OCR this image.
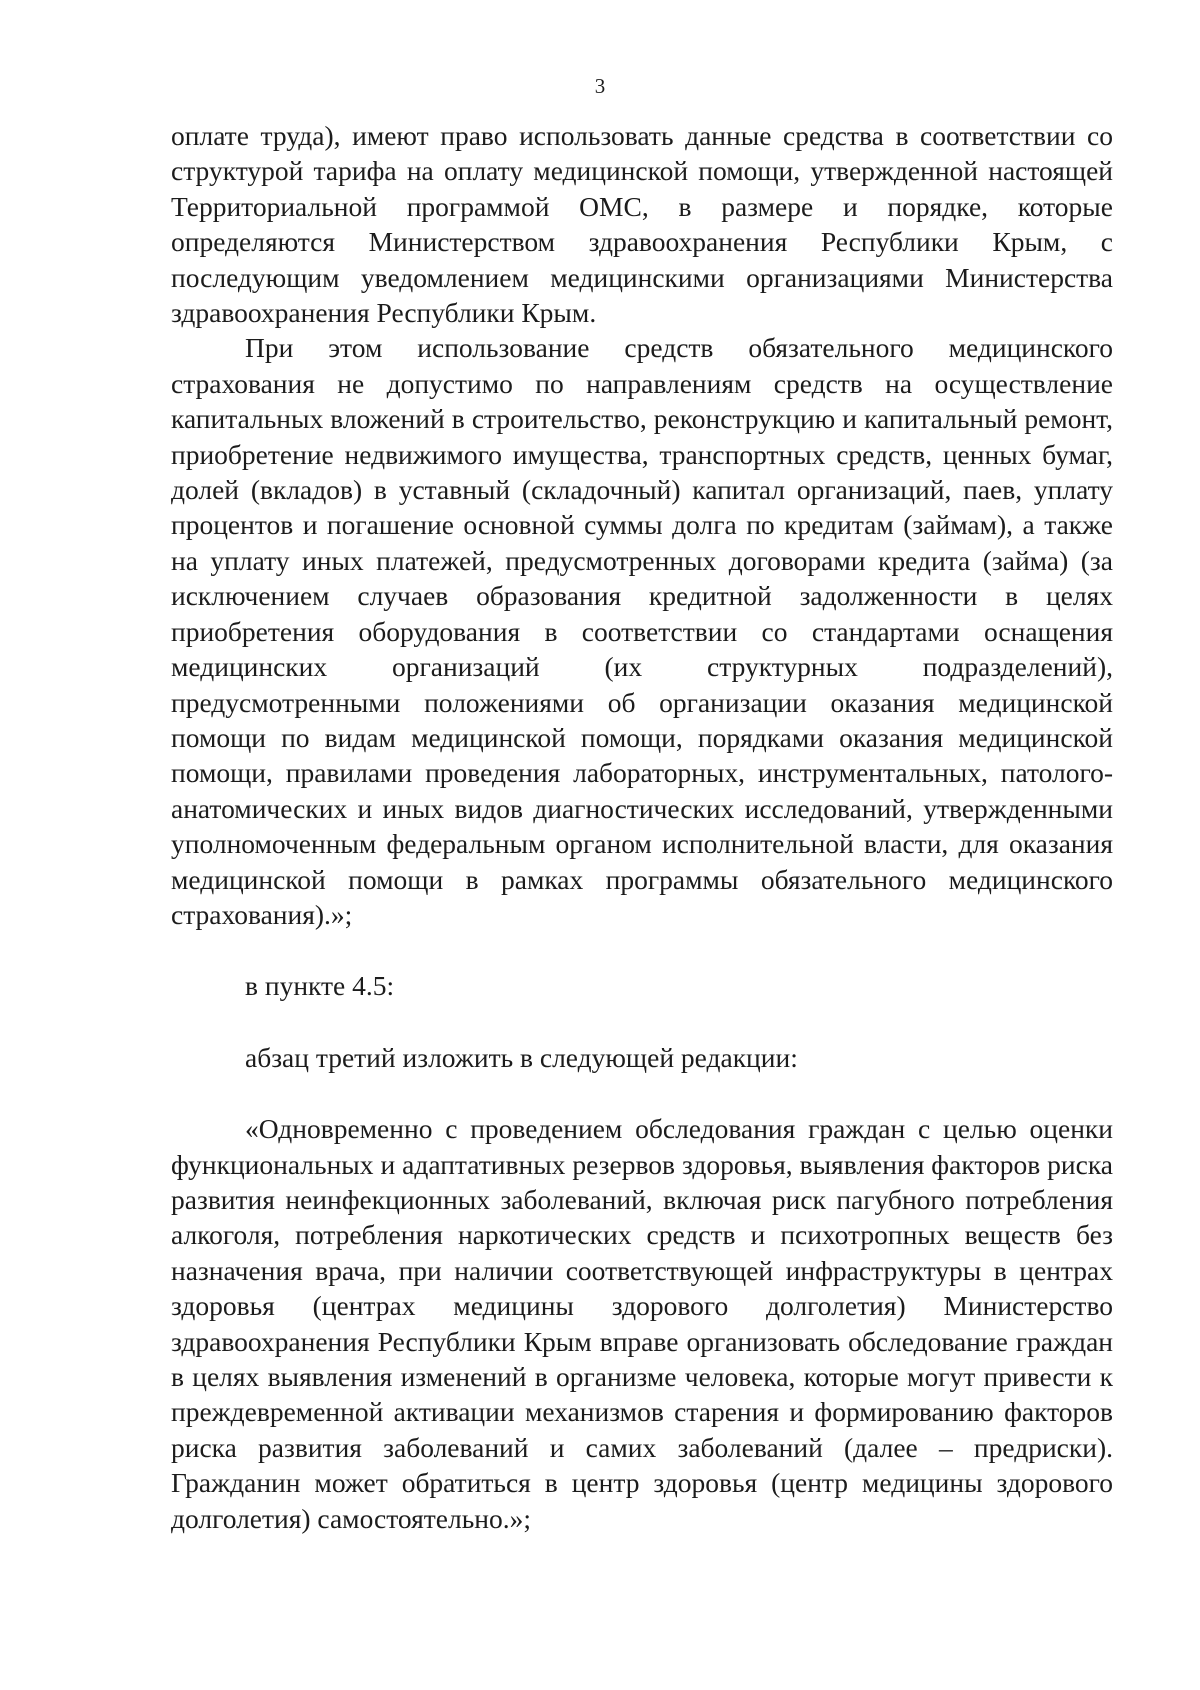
3

оплате труда), имеют право использовать данные средства в соответствии со структурой тарифа на оплату медицинской помощи, утвержденной настоящей Территориальной программой ОМС, в размере и порядке, которые определяются Министерством здравоохранения Республики Крым, с последующим уведомлением медицинскими организациями Министерства здравоохранения Республики Крым.

При этом использование средств обязательного медицинского страхования не допустимо по направлениям средств на осуществление капитальных вложений в строительство, реконструкцию и капитальный ремонт, приобретение недвижимого имущества, транспортных средств, ценных бумаг, долей (вкладов) в уставный (складочный) капитал организаций, паев, уплату процентов и погашение основной суммы долга по кредитам (займам), а также на уплату иных платежей, предусмотренных договорами кредита (займа) (за исключением случаев образования кредитной задолженности в целях приобретения оборудования в соответствии со стандартами оснащения медицинских организаций (их структурных подразделений), предусмотренными положениями об организации оказания медицинской помощи по видам медицинской помощи, порядками оказания медицинской помощи, правилами проведения лабораторных, инструментальных, патолого-анатомических и иных видов диагностических исследований, утвержденными уполномоченным федеральным органом исполнительной власти, для оказания медицинской помощи в рамках программы обязательного медицинского страхования).»;

в пункте 4.5:

абзац третий изложить в следующей редакции:

«Одновременно с проведением обследования граждан с целью оценки функциональных и адаптативных резервов здоровья, выявления факторов риска развития неинфекционных заболеваний, включая риск пагубного потребления алкоголя, потребления наркотических средств и психотропных веществ без назначения врача, при наличии соответствующей инфраструктуры в центрах здоровья (центрах медицины здорового долголетия) Министерство здравоохранения Республики Крым вправе организовать обследование граждан в целях выявления изменений в организме человека, которые могут привести к преждевременной активации механизмов старения и формированию факторов риска развития заболеваний и самих заболеваний (далее – предриски). Гражданин может обратиться в центр здоровья (центр медицины здорового долголетия) самостоятельно.»;
